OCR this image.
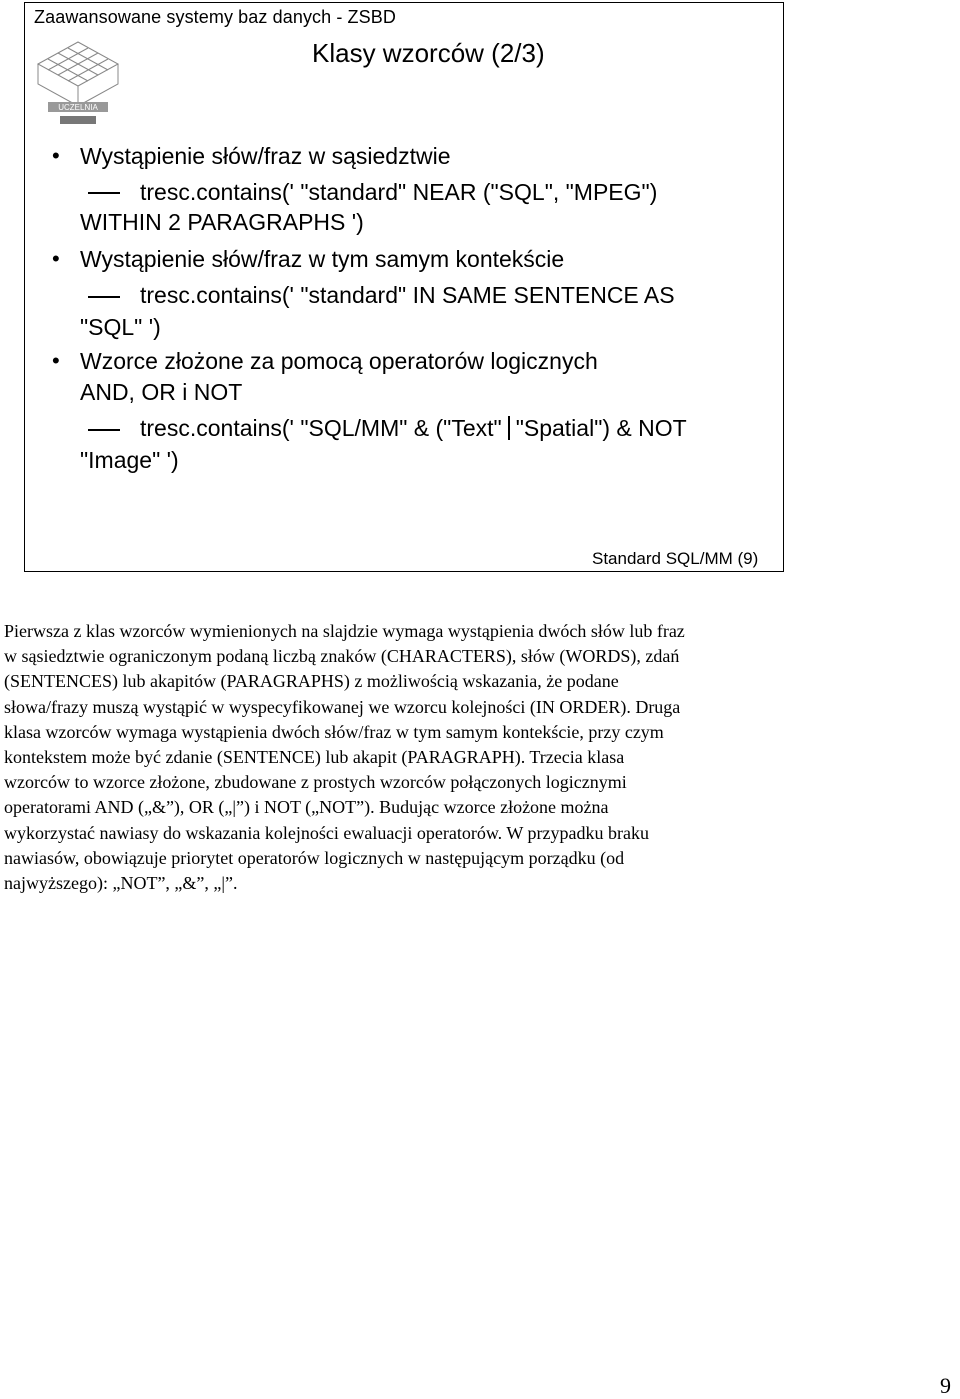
Zaawansowane systemy baz danych - ZSBD
UCZELNIA
Klasy wzorców (2/3)
• Wystąpienie słów/fraz w sąsiedztwie
tresc.contains(' "standard" NEAR ("SQL", "MPEG")
WITHIN 2 PARAGRAPHS ')
• Wystąpienie słów/fraz w tym samym kontekście
tresc.contains(' "standard" IN SAME SENTENCE AS
"SQL" ')
• Wzorce złożone za pomocą operatorów logicznych
AND, OR i NOT
tresc.contains(' "SQL/MM" & ("Text" "Spatial") & NOT
"Image" ')
Standard SQL/MM (9)
Pierwsza z klas wzorców wymienionych na slajdzie wymaga wystąpienia dwóch słów lub fraz
w sąsiedztwie ograniczonym podaną liczbą znaków (CHARACTERS), słów (WORDS), zdań
(SENTENCES) lub akapitów (PARAGRAPHS) z możliwością wskazania, że podane
słowa/frazy muszą wystąpić w wyspecyfikowanej we wzorcu kolejności (IN ORDER). Druga
klasa wzorców wymaga wystąpienia dwóch słów/fraz w tym samym kontekście, przy czym
kontekstem może być zdanie (SENTENCE) lub akapit (PARAGRAPH). Trzecia klasa
wzorców to wzorce złożone, zbudowane z prostych wzorców połączonych logicznymi
operatorami AND („&”), OR („|”) i NOT („NOT”). Budując wzorce złożone można
wykorzystać nawiasy do wskazania kolejności ewaluacji operatorów. W przypadku braku
nawiasów, obowiązuje priorytet operatorów logicznych w następującym porządku (od
najwyższego): „NOT”, „&”, „|”.
9
